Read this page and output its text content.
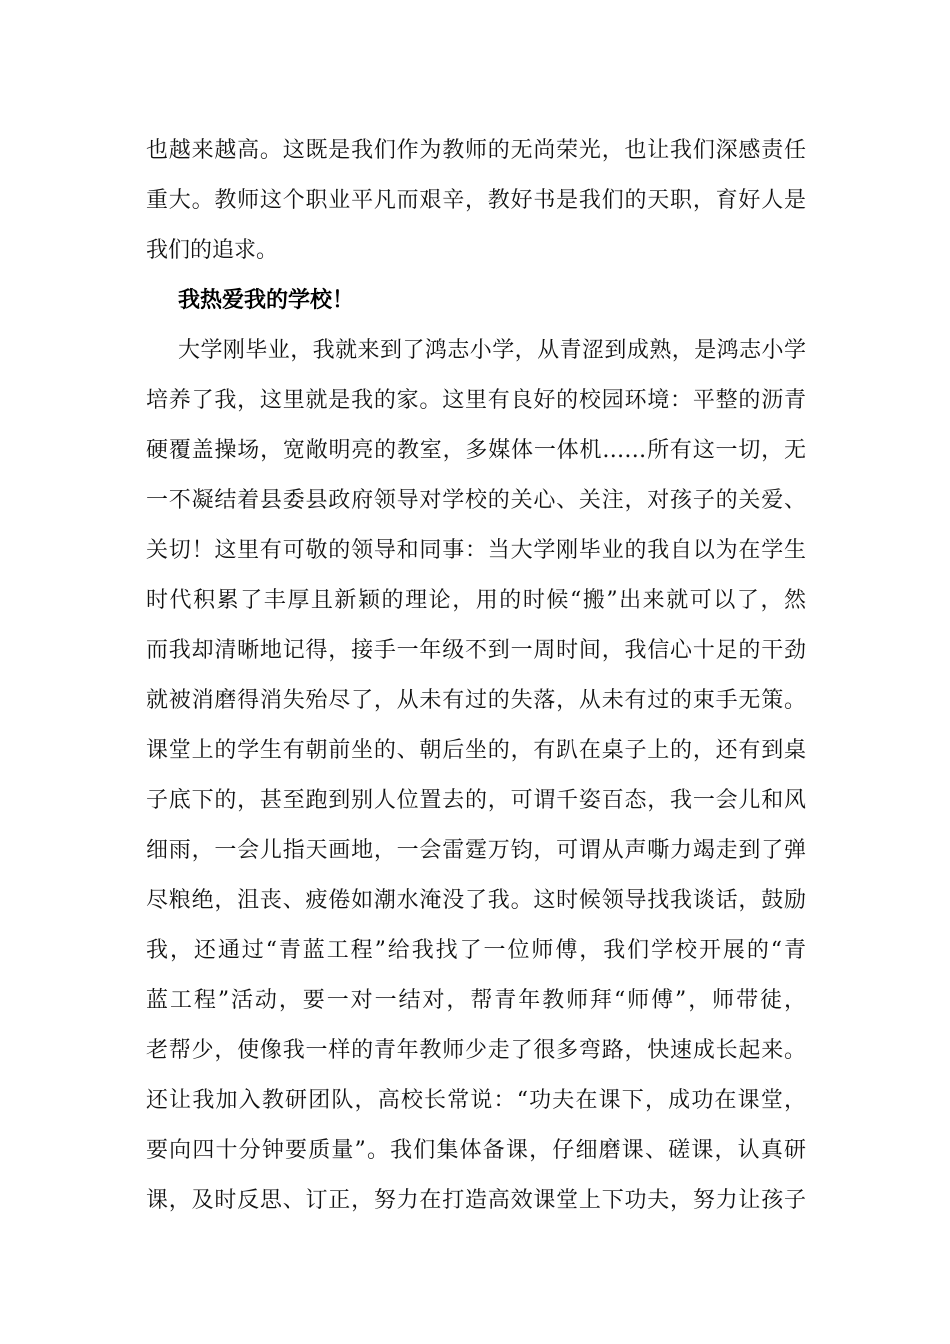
也越来越高。这既是我们作为教师的无尚荣光，也让我们深感责任
重大。教师这个职业平凡而艰辛，教好书是我们的天职，育好人是
我们的追求。
我热爱我的学校！
大学刚毕业，我就来到了鸿志小学，从青涩到成熟，是鸿志小学
培养了我，这里就是我的家。这里有良好的校园环境：平整的沥青
硬覆盖操场，宽敞明亮的教室，多媒体一体机……所有这一切，无
一不凝结着县委县政府领导对学校的关心、关注，对孩子的关爱、
关切！这里有可敬的领导和同事：当大学刚毕业的我自以为在学生
时代积累了丰厚且新颖的理论，用的时候“搬”出来就可以了，然
而我却清晰地记得，接手一年级不到一周时间，我信心十足的干劲
就被消磨得消失殆尽了，从未有过的失落，从未有过的束手无策。
课堂上的学生有朝前坐的、朝后坐的，有趴在桌子上的，还有到桌
子底下的，甚至跑到别人位置去的，可谓千姿百态，我一会儿和风
细雨，一会儿指天画地，一会雷霆万钧，可谓从声嘶力竭走到了弹
尽粮绝，沮丧、疲倦如潮水淹没了我。这时候领导找我谈话，鼓励
我，还通过“青蓝工程”给我找了一位师傅，我们学校开展的“青
蓝工程”活动，要一对一结对，帮青年教师拜“师傅”，师带徒，
老帮少，使像我一样的青年教师少走了很多弯路，快速成长起来。
还让我加入教研团队，高校长常说：“功夫在课下，成功在课堂，
要向四十分钟要质量”。我们集体备课，仔细磨课、磋课，认真研
课，及时反思、订正，努力在打造高效课堂上下功夫，努力让孩子
